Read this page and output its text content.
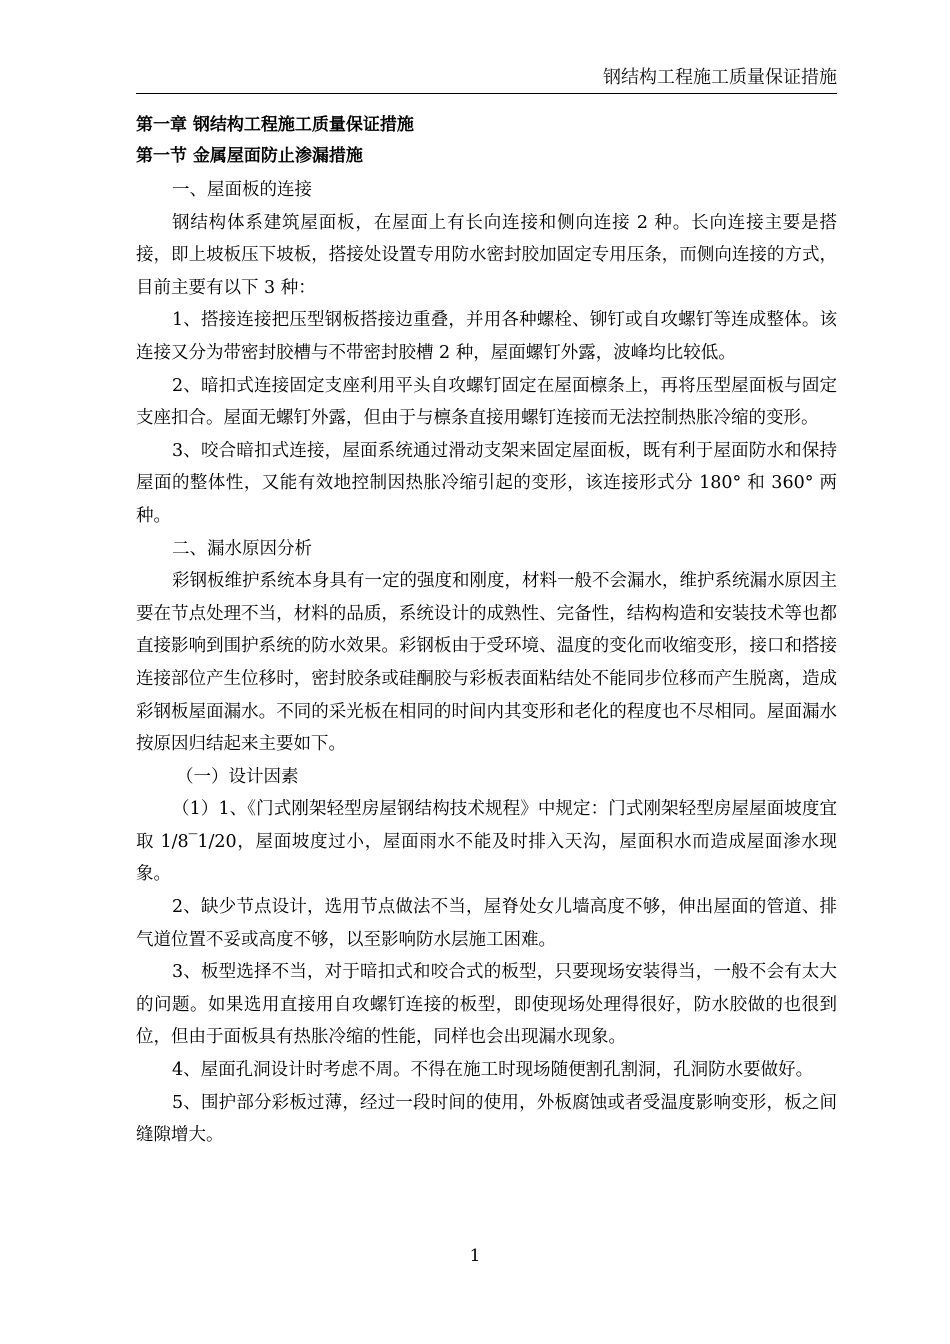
钢结构工程施工质量保证措施

第一章 钢结构工程施工质量保证措施

第一节 金属屋面防止渗漏措施

一、屋面板的连接

钢结构体系建筑屋面板，在屋面上有长向连接和侧向连接 2 种。长向连接主要是搭接，即上坡板压下坡板，搭接处设置专用防水密封胶加固定专用压条，而侧向连接的方式，目前主要有以下 3 种：

1、搭接连接把压型钢板搭接边重叠，并用各种螺栓、铆钉或自攻螺钉等连成整体。该连接又分为带密封胶槽与不带密封胶槽 2 种，屋面螺钉外露，波峰均比较低。

2、暗扣式连接固定支座利用平头自攻螺钉固定在屋面檩条上，再将压型屋面板与固定支座扣合。屋面无螺钉外露，但由于与檩条直接用螺钉连接而无法控制热胀冷缩的变形。

3、咬合暗扣式连接，屋面系统通过滑动支架来固定屋面板，既有利于屋面防水和保持屋面的整体性，又能有效地控制因热胀冷缩引起的变形，该连接形式分 180° 和 360° 两种。

二、漏水原因分析

彩钢板维护系统本身具有一定的强度和刚度，材料一般不会漏水，维护系统漏水原因主要在节点处理不当，材料的品质，系统设计的成熟性、完备性，结构构造和安装技术等也都直接影响到围护系统的防水效果。彩钢板由于受环境、温度的变化而收缩变形，接口和搭接连接部位产生位移时，密封胶条或硅酮胶与彩板表面粘结处不能同步位移而产生脱离，造成彩钢板屋面漏水。不同的采光板在相同的时间内其变形和老化的程度也不尽相同。屋面漏水按原因归结起来主要如下。

（一）设计因素

（1）1、《门式刚架轻型房屋钢结构技术规程》中规定：门式刚架轻型房屋屋面坡度宜取 1/8‾1/20，屋面坡度过小，屋面雨水不能及时排入天沟，屋面积水而造成屋面渗水现象。

2、缺少节点设计，选用节点做法不当，屋脊处女儿墙高度不够，伸出屋面的管道、排气道位置不妥或高度不够，以至影响防水层施工困难。

3、板型选择不当，对于暗扣式和咬合式的板型，只要现场安装得当，一般不会有太大的问题。如果选用直接用自攻螺钉连接的板型，即使现场处理得很好，防水胶做的也很到位，但由于面板具有热胀冷缩的性能，同样也会出现漏水现象。

4、屋面孔洞设计时考虑不周。不得在施工时现场随便割孔割洞，孔洞防水要做好。

5、围护部分彩板过薄，经过一段时间的使用，外板腐蚀或者受温度影响变形，板之间缝隙增大。

1
